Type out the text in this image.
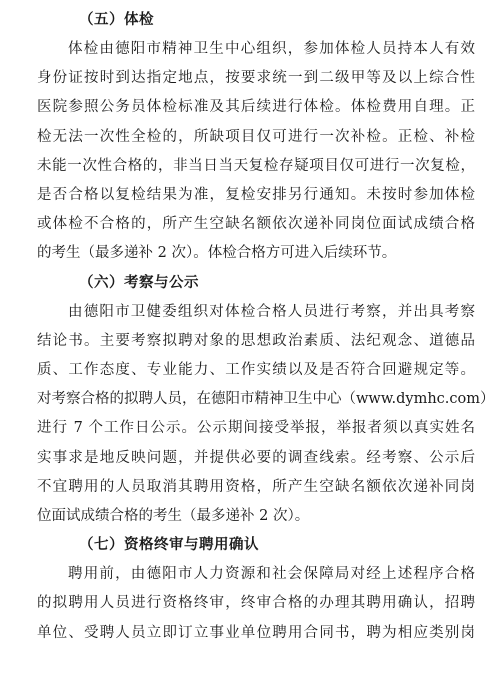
（五）体检
体检由德阳市精神卫生中心组织，参加体检人员持本人有效
身份证按时到达指定地点，按要求统一到二级甲等及以上综合性
医院参照公务员体检标准及其后续进行体检。体检费用自理。正
检无法一次性全检的，所缺项目仅可进行一次补检。正检、补检
未能一次性合格的，非当日当天复检存疑项目仅可进行一次复检，
是否合格以复检结果为准，复检安排另行通知。未按时参加体检
或体检不合格的，所产生空缺名额依次递补同岗位面试成绩合格
的考生（最多递补 2 次）。体检合格方可进入后续环节。
（六）考察与公示
由德阳市卫健委组织对体检合格人员进行考察，并出具考察
结论书。主要考察拟聘对象的思想政治素质、法纪观念、道德品
质、工作态度、专业能力、工作实绩以及是否符合回避规定等。
对考察合格的拟聘人员，在德阳市精神卫生中心（www.dymhc.com）
进行 7 个工作日公示。公示期间接受举报，举报者须以真实姓名
实事求是地反映问题，并提供必要的调查线索。经考察、公示后
不宜聘用的人员取消其聘用资格，所产生空缺名额依次递补同岗
位面试成绩合格的考生（最多递补 2 次）。
（七）资格终审与聘用确认
聘用前，由德阳市人力资源和社会保障局对经上述程序合格
的拟聘用人员进行资格终审，终审合格的办理其聘用确认，招聘
单位、受聘人员立即订立事业单位聘用合同书，聘为相应类别岗
